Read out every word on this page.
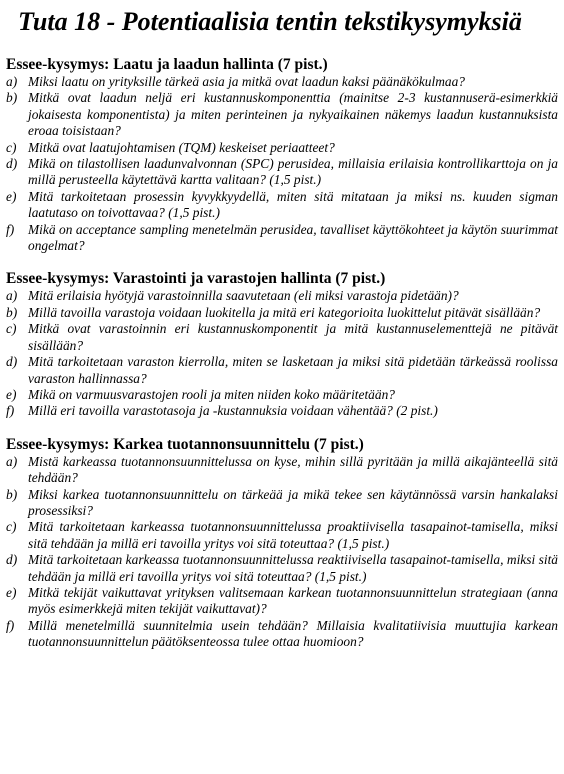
Tuta 18 - Potentiaalisia tentin tekstikysymyksiä
Essee-kysymys: Laatu ja laadun hallinta (7 pist.)
a) Miksi laatu on yrityksille tärkeä asia ja mitkä ovat laadun kaksi päänäkökulmaa?
b) Mitkä ovat laadun neljä eri kustannuskomponenttia (mainitse 2-3 kustannuserä-esimerkkiä jokaisesta komponentista) ja miten perinteinen ja nykyaikainen näkemys laadun kustannuksista eroaa toisistaan?
c) Mitkä ovat laatujohtamisen (TQM) keskeiset periaatteet?
d) Mikä on tilastollisen laadunvalvonnan (SPC) perusidea, millaisia erilaisia kontrollikarttoja on ja millä perusteella käytettävä kartta valitaan? (1,5 pist.)
e) Mitä tarkoitetaan prosessin kyvykkyydellä, miten sitä mitataan ja miksi ns. kuuden sigman laatutaso on toivottavaa? (1,5 pist.)
f) Mikä on acceptance sampling menetelmän perusidea, tavalliset käyttökohteet ja käytön suurimmat ongelmat?
Essee-kysymys: Varastointi ja varastojen hallinta (7 pist.)
a) Mitä erilaisia hyötyjä varastoinnilla saavutetaan (eli miksi varastoja pidetään)?
b) Millä tavoilla varastoja voidaan luokitella ja mitä eri kategorioita luokittelut pitävät sisällään?
c) Mitkä ovat varastoinnin eri kustannuskomponentit ja mitä kustannuselementtejä ne pitävät sisällään?
d) Mitä tarkoitetaan varaston kierrolla, miten se lasketaan ja miksi sitä pidetään tärkeässä roolissa varaston hallinnassa?
e) Mikä on varmuusvarastojen rooli ja miten niiden koko määritetään?
f) Millä eri tavoilla varastotasoja ja -kustannuksia voidaan vähentää? (2 pist.)
Essee-kysymys: Karkea tuotannonsuunnittelu (7 pist.)
a) Mistä karkeassa tuotannonsuunnittelussa on kyse, mihin sillä pyritään ja millä aikajänteellä sitä tehdään?
b) Miksi karkea tuotannonsuunnittelu on tärkeää ja mikä tekee sen käytännössä varsin hankalaksi prosessiksi?
c) Mitä tarkoitetaan karkeassa tuotannonsuunnittelussa proaktiivisella tasapainot-tamisella, miksi sitä tehdään ja millä eri tavoilla yritys voi sitä toteuttaa? (1,5 pist.)
d) Mitä tarkoitetaan karkeassa tuotannonsuunnittelussa reaktiivisella tasapainot-tamisella, miksi sitä tehdään ja millä eri tavoilla yritys voi sitä toteuttaa? (1,5 pist.)
e) Mitkä tekijät vaikuttavat yrityksen valitsemaan karkean tuotannonsuunnittelun strategiaan (anna myös esimerkkejä miten tekijät vaikuttavat)?
f) Millä menetelmillä suunnitelmia usein tehdään? Millaisia kvalitatiivisia muuttujia karkean tuotannonsuunnittelun päätöksenteossa tulee ottaa huomioon?
